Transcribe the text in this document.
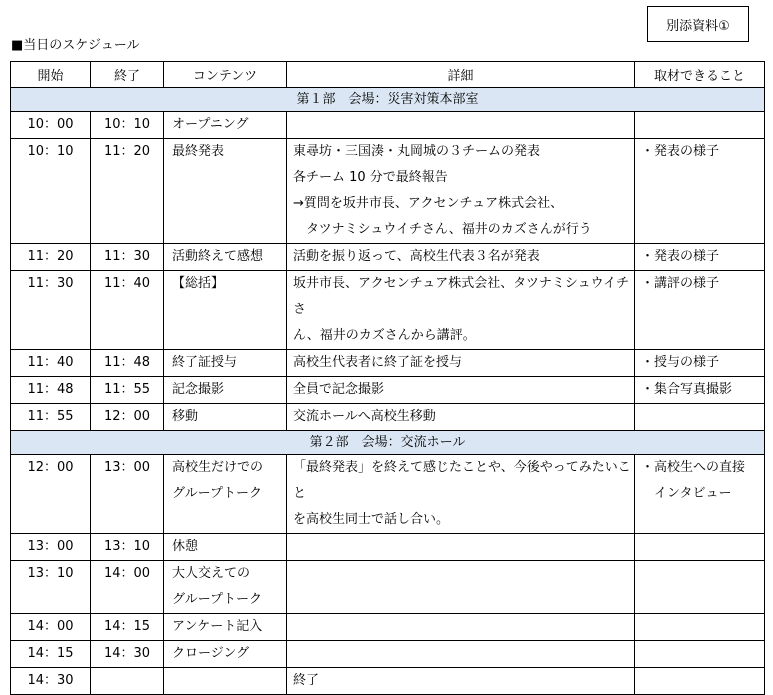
別添資料①
■当日のスケジュール
開始	終了	コンテンツ	詳細	取材できること
第１部　会場：災害対策本部室				

10：00	10：10	オープニング		

10：10	11：20	最終発表	東尋坊・三国湊・丸岡城の３チームの発表
各チーム 10 分で最終報告
→質問を坂井市長、アクセンチュア株式会社、
　タツナミシュウイチさん、福井のカズさんが行う	・発表の様子

11：20	11：30	活動終えて感想	活動を振り返って、高校生代表３名が発表	・発表の様子

11：30	11：40	【総括】	坂井市長、アクセンチュア株式会社、タツナミシュウイチさ
ん、福井のカズさんから講評。	・講評の様子

11：40	11：48	終了証授与	高校生代表者に終了証を授与	・授与の様子

11：48	11：55	記念撮影	全員で記念撮影	・集合写真撮影

11：55	12：00	移動	交流ホールへ高校生移動	

第２部　会場：交流ホール				

12：00	13：00	高校生だけでの
グループトーク	「最終発表」を終えて感じたことや、今後やってみたいこと
を高校生同士で話し合い。	・高校生への直接
　インタビュー

13：00	13：10	休憩		

13：10	14：00	大人交えての
グループトーク		

14：00	14：15	アンケート記入		

14：15	14：30	クロージング		

14：30			終了	
